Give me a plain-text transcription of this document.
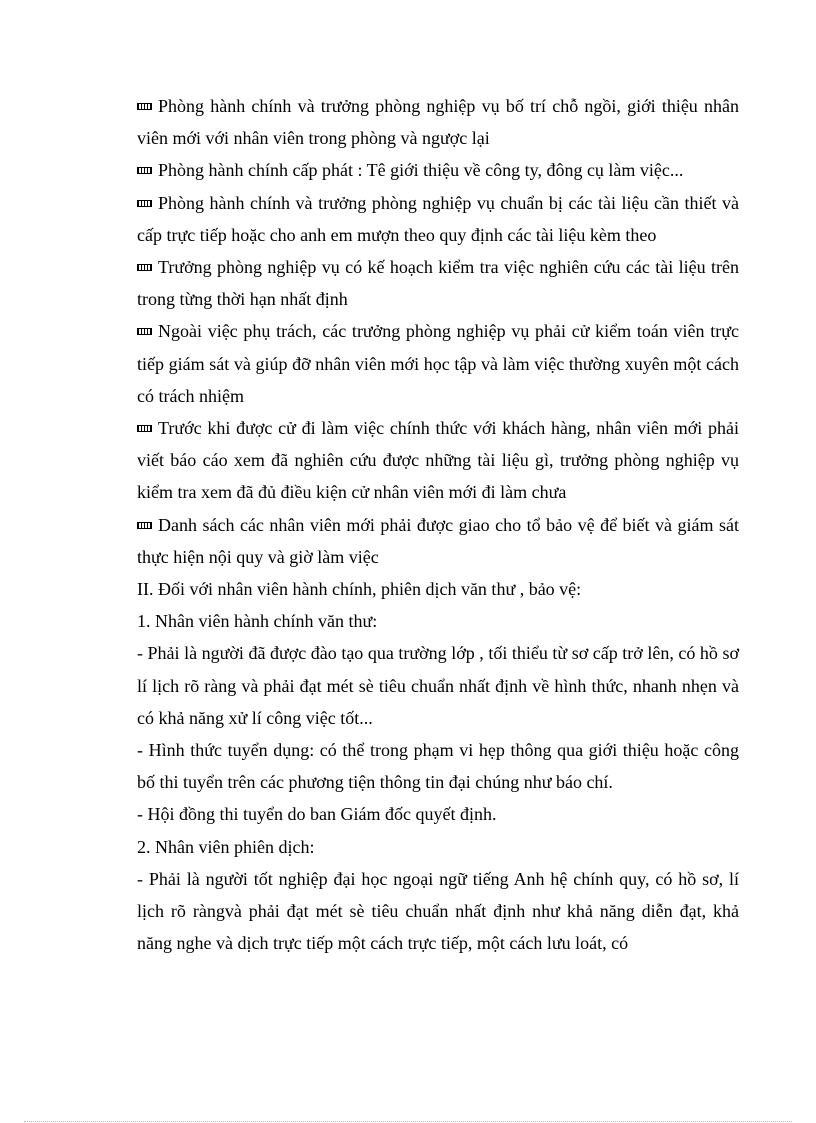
Phòng hành chính và trưởng phòng nghiệp vụ bố trí chỗ ngồi, giới thiệu nhân viên mới với nhân viên trong phòng và ngược lại

Phòng hành chính cấp phát : Tê giới thiệu về công ty, đông cụ làm việc...

Phòng hành chính và trưởng phòng nghiệp vụ chuẩn bị các tài liệu cần thiết và cấp trực tiếp hoặc cho anh em mượn theo quy định các tài liệu kèm theo

Trưởng phòng nghiệp vụ có kế hoạch kiểm tra việc nghiên cứu các tài liệu trên trong từng thời hạn nhất định

Ngoài việc phụ trách, các trưởng phòng nghiệp vụ phải cử kiểm toán viên trực tiếp giám sát và giúp đỡ nhân viên mới học tập và làm việc thường xuyên một cách có trách nhiệm

Trước khi được cử đi làm việc chính thức với khách hàng, nhân viên mới phải viết báo cáo xem đã nghiên cứu được những tài liệu gì, trưởng phòng nghiệp vụ kiểm tra xem đã đủ điều kiện cử nhân viên mới đi làm chưa

Danh sách các nhân viên mới phải được giao cho tổ bảo vệ để biết và giám sát thực hiện nội quy và giờ làm việc

II. Đối với nhân viên hành chính, phiên dịch văn thư , bảo vệ:

1. Nhân viên hành chính văn thư:

- Phải là người đã được đào tạo qua trường lớp , tối thiểu từ sơ cấp trở lên, có hồ sơ lí lịch rõ ràng và phải đạt mét sè tiêu chuẩn nhất định về hình thức, nhanh nhẹn và có khả năng xử lí công việc tốt...

- Hình thức tuyển dụng: có thể trong phạm vi hẹp thông qua giới thiệu hoặc công bố thi tuyển trên các phương tiện thông tin đại chúng như báo chí.

- Hội đồng thi tuyển do ban Giám đốc quyết định.

2. Nhân viên phiên dịch:

- Phải là người tốt nghiệp đại học ngoại ngữ tiếng Anh hệ chính quy, có hồ sơ, lí lịch rõ ràngvà phải đạt mét sè tiêu chuẩn nhất định như khả năng diễn đạt, khả năng nghe và dịch trực tiếp một cách trực tiếp, một cách lưu loát, có
